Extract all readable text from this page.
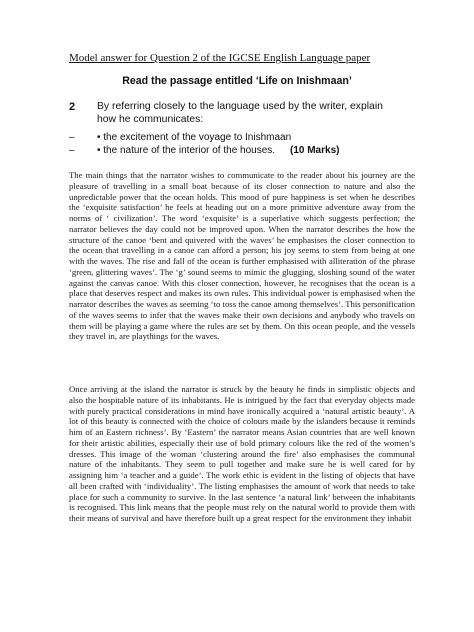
Model answer for Question 2 of the IGCSE English Language paper
Read the passage entitled ‘Life on Inishmaan’
2 By referring closely to the language used by the writer, explain how he communicates:
– • the excitement of the voyage to Inishmaan
– • the nature of the interior of the houses. (10 Marks)

The main things that the narrator wishes to communicate to the reader about his journey are the pleasure of travelling in a small boat because of its closer connection to nature and also the unpredictable power that the ocean holds. This mood of pure happiness is set when he describes the ‘exquisite satisfaction’ he feels at heading out on a more primitive adventure away from the norms of ‘ civilization’. The word ‘exquisite’ is a superlative which suggests perfection; the narrator believes the day could not be improved upon. When the narrator describes the how the structure of the canoe ‘bent and quivered with the waves’ he emphasises the closer connection to the ocean that travelling in a canoe can afford a person; his joy seems to stem from being at one with the waves. The rise and fall of the ocean is further emphasised with alliteration of the phrase ‘green, glittering waves’. The ‘g’ sound seems to mimic the glugging, sloshing sound of the water against the canvas canoe. With this closer connection, however, he recognises that the ocean is a place that deserves respect and makes its own rules. This individual power is emphasised when the narrator describes the waves as seeming ‘to toss the canoe among themselves’. This personification of the waves seems to infer that the waves make their own decisions and anybody who travels on them will be playing a game where the rules are set by them. On this ocean people, and the vessels they travel in, are playthings for the waves.

Once arriving at the island the narrator is struck by the beauty he finds in simplistic objects and also the hospitable nature of its inhabitants. He is intrigued by the fact that everyday objects made with purely practical considerations in mind have ironically acquired a ‘natural artistic beauty’. A lot of this beauty is connected with the choice of colours made by the islanders because it reminds him of an Eastern richness’. By ‘Eastern’ the narrator means Asian countries that are well known for their artistic abilities, especially their use of bold primary colours like the red of the women’s dresses. This image of the woman ‘clustering around the fire’ also emphasises the communal nature of the inhabitants. They seem to pull together and make sure he is well cared for by assigning him ‘a teacher and a guide’. The work ethic is evident in the listing of objects that have all been crafted with ‘individuality’. The listing emphasises the amount of work that needs to take place for such a community to survive. In the last sentence ‘a natural link’ between the inhabitants is recognised. This link means that the people must rely on the natural world to provide them with their means of survival and have therefore built up a great respect for the environment they inhabit
